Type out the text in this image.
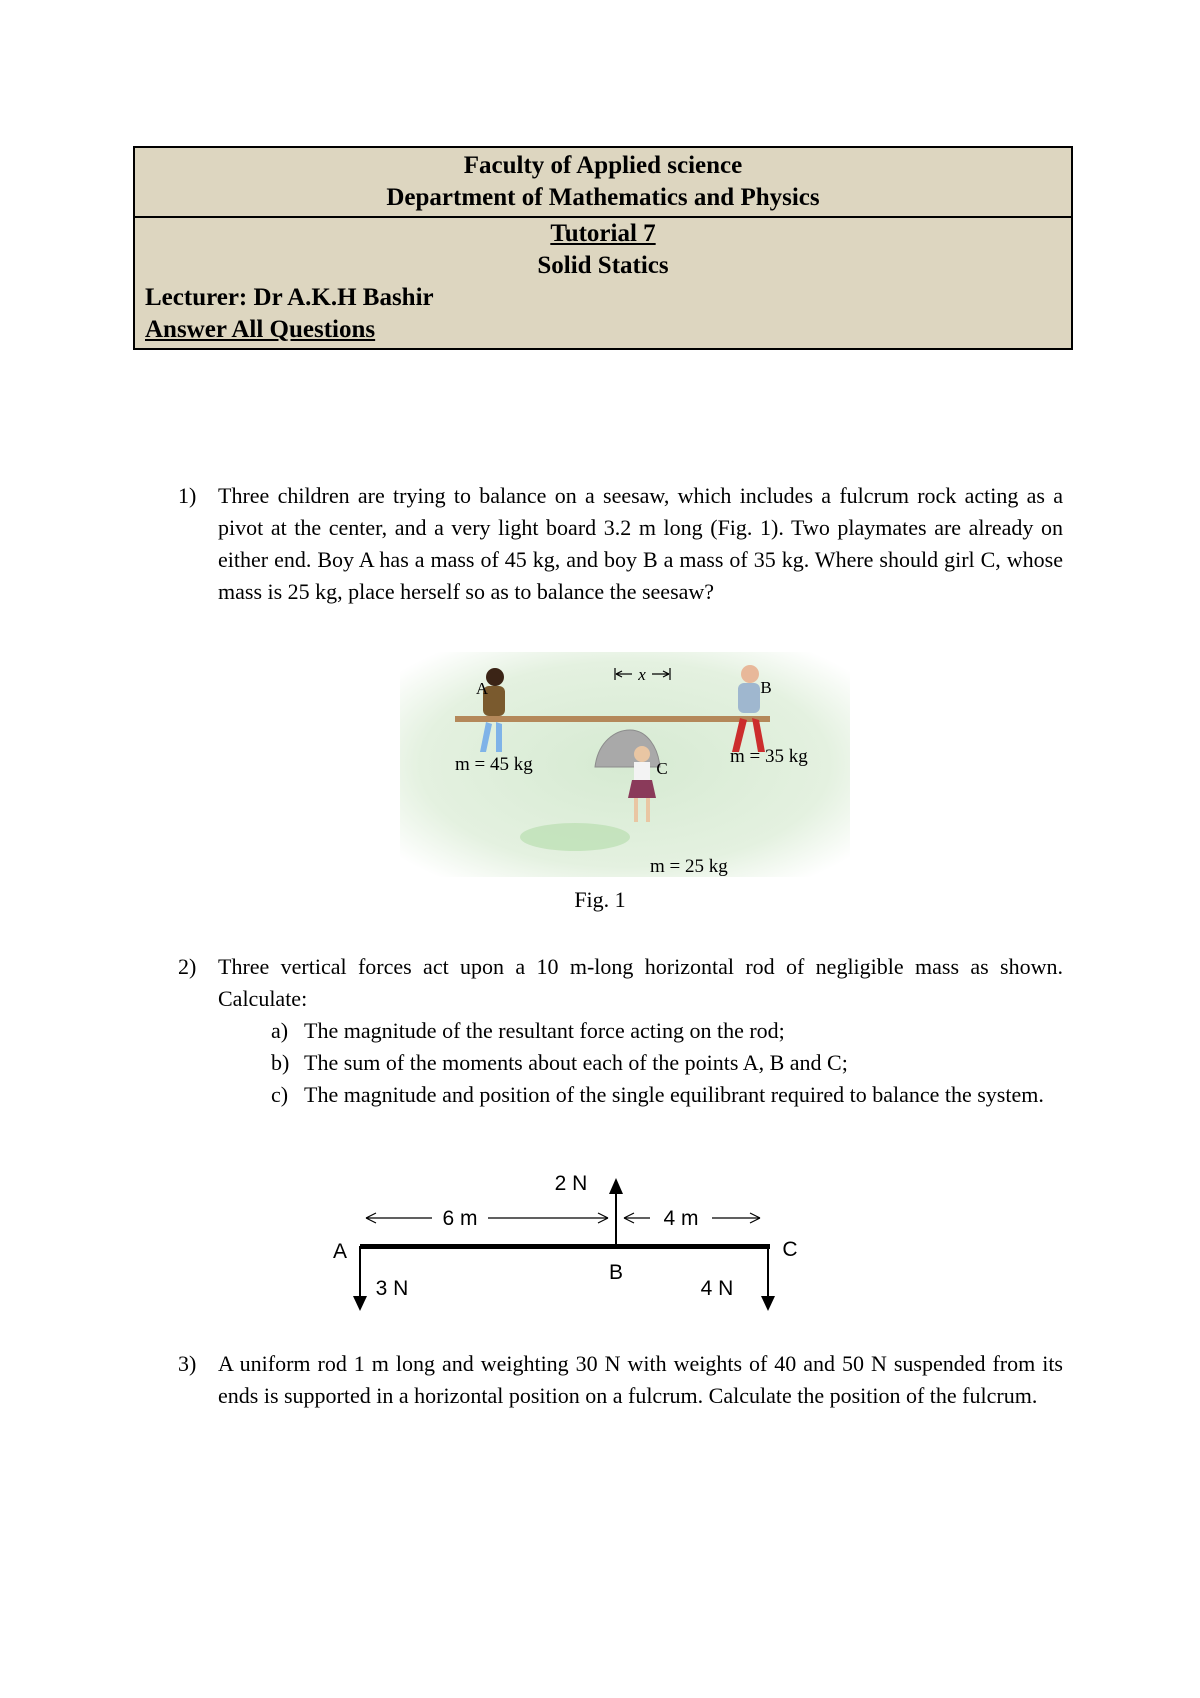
Faculty of Applied science
Department of Mathematics and Physics
Tutorial 7
Solid Statics
Lecturer: Dr A.K.H Bashir
Answer All Questions
1) Three children are trying to balance on a seesaw, which includes a fulcrum rock acting as a pivot at the center, and a very light board 3.2 m long (Fig. 1). Two playmates are already on either end. Boy A has a mass of 45 kg, and boy B a mass of 35 kg. Where should girl C, whose mass is 25 kg, place herself so as to balance the seesaw?
x
A	B
C
m = 45 kg	m = 35 kg
m = 25 kg
Fig. 1
2) Three vertical forces act upon a 10 m-long horizontal rod of negligible mass as shown. Calculate:
a) The magnitude of the resultant force acting on the rod;
b) The sum of the moments about each of the points A, B and C;
c) The magnitude and position of the single equilibrant required to balance the system.
6 m	4 m
2 N
A
B
C
3 N	4 N
3) A uniform rod 1 m long and weighting 30 N with weights of 40 and 50 N suspended from its ends is supported in a horizontal position on a fulcrum. Calculate the position of the fulcrum.
